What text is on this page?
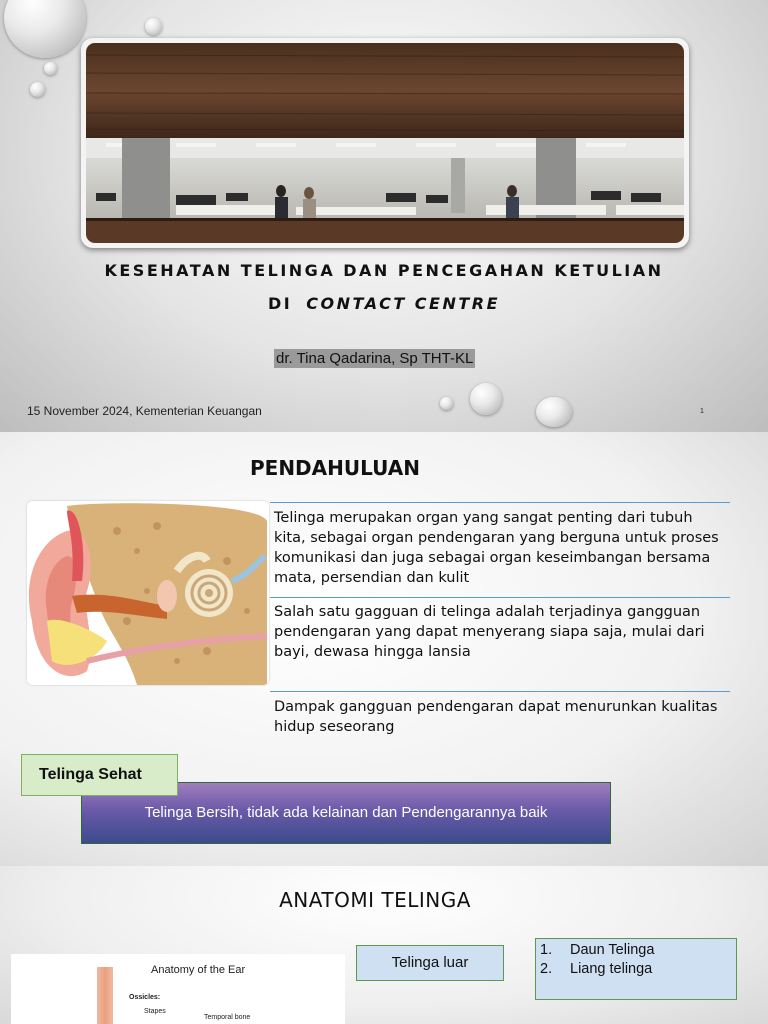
KESEHATAN TELINGA DAN PENCEGAHAN KETULIAN
DI CONTACT CENTRE
dr. Tina Qadarina, Sp THT-KL
15 November 2024, Kementerian Keuangan	1
PENDAHULUAN
Telinga merupakan organ yang sangat penting dari tubuh kita, sebagai organ pendengaran yang berguna untuk proses komunikasi dan juga sebagai organ keseimbangan bersama mata, persendian dan kulit
Salah satu gagguan di telinga adalah terjadinya gangguan pendengaran yang dapat menyerang siapa saja, mulai dari bayi, dewasa hingga lansia
Dampak gangguan pendengaran dapat menurunkan kualitas hidup seseorang
Telinga Bersih, tidak ada kelainan dan Pendengarannya baik
Telinga Sehat
ANATOMI TELINGA
Anatomy of the Ear
Ossicles:
Stapes
Temporal bone
Telinga luar
1. Daun Telinga
2. Liang telinga
